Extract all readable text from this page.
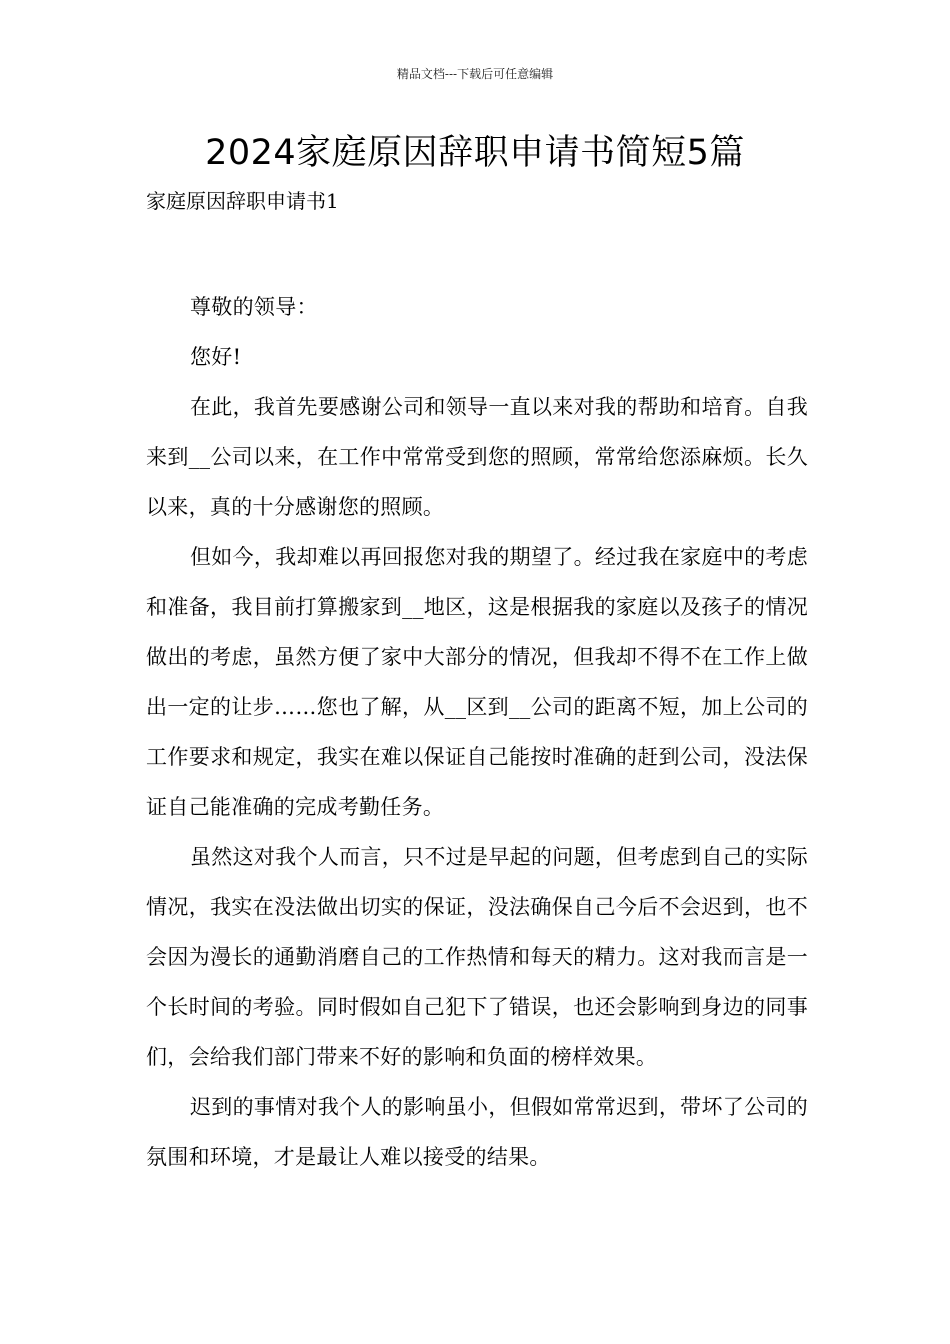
精品文档---下载后可任意编辑
2024家庭原因辞职申请书简短5篇

家庭原因辞职申请书1

尊敬的领导：

您好!

在此，我首先要感谢公司和领导一直以来对我的帮助和培育。自我来到__公司以来，在工作中常常受到您的照顾，常常给您添麻烦。长久以来，真的十分感谢您的照顾。

但如今，我却难以再回报您对我的期望了。经过我在家庭中的考虑和准备，我目前打算搬家到__地区，这是根据我的家庭以及孩子的情况做出的考虑，虽然方便了家中大部分的情况，但我却不得不在工作上做出一定的让步……您也了解，从__区到__公司的距离不短，加上公司的工作要求和规定，我实在难以保证自己能按时准确的赶到公司，没法保证自己能准确的完成考勤任务。

虽然这对我个人而言，只不过是早起的问题，但考虑到自己的实际情况，我实在没法做出切实的保证，没法确保自己今后不会迟到，也不会因为漫长的通勤消磨自己的工作热情和每天的精力。这对我而言是一个长时间的考验。同时假如自己犯下了错误，也还会影响到身边的同事们，会给我们部门带来不好的影响和负面的榜样效果。

迟到的事情对我个人的影响虽小，但假如常常迟到，带坏了公司的氛围和环境，才是最让人难以接受的结果。
